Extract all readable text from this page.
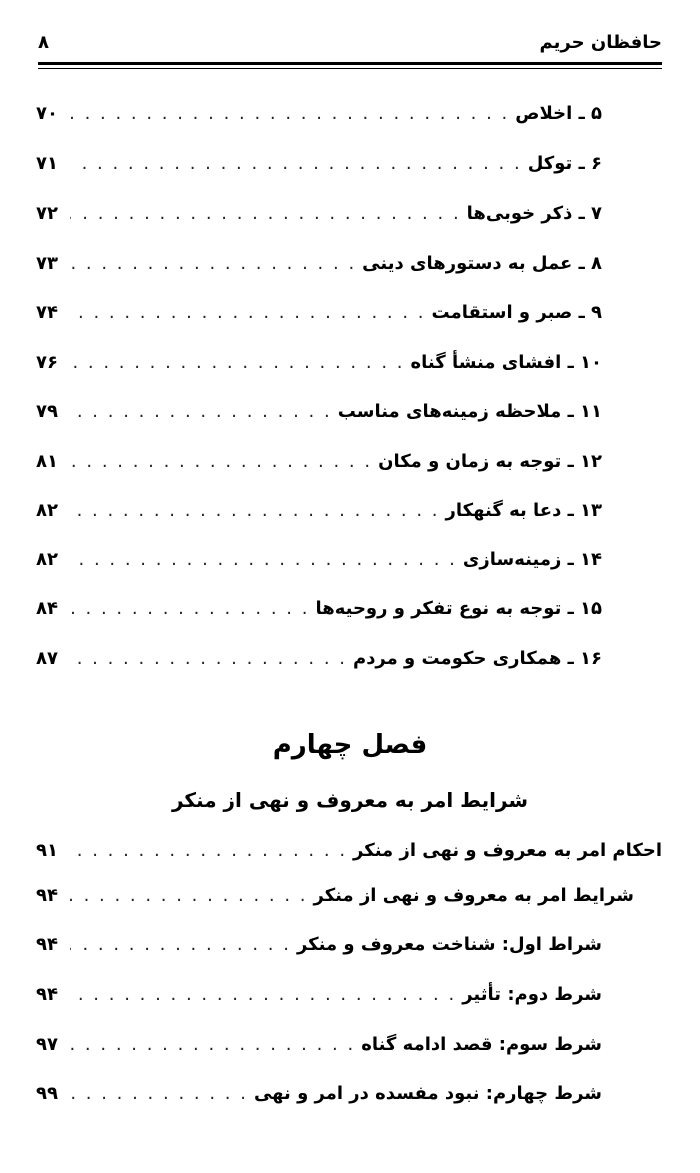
حافظان حریم
۸
۵ ـ اخلاص
. . .
۷۰
۶ ـ توکل
. . .
۷۱
۷ ـ ذکر خوبی‌ها
. . .
۷۲
۸ ـ عمل به دستورهای دینی
. . .
۷۳
۹ ـ صبر و استقامت
. . .
۷۴
۱۰ ـ افشای منشأ گناه
. . .
۷۶
۱۱ ـ ملاحظه زمینه‌های مناسب
. . .
۷۹
۱۲ ـ توجه به زمان و مکان
. . .
۸۱
۱۳ ـ دعا به گنهکار
. . .
۸۲
۱۴ ـ زمینه‌سازی
. . .
۸۲
۱۵ ـ توجه به نوع تفکر و روحیه‌ها
. . .
۸۴
۱۶ ـ همکاری حکومت و مردم
. . .
۸۷
فصل چهارم
شرایط امر به معروف و نهی از منکر
احکام امر به معروف و نهی از منکر
. . .
۹۱
شرایط امر به معروف و نهی از منکر
. . .
۹۴
شراط اول: شناخت معروف و منکر
. . .
۹۴
شرط دوم: تأثیر
. . .
۹۴
شرط سوم: قصد ادامه گناه
. . .
۹۷
شرط چهارم: نبود مفسده در امر و نهی
. . .
۹۹
